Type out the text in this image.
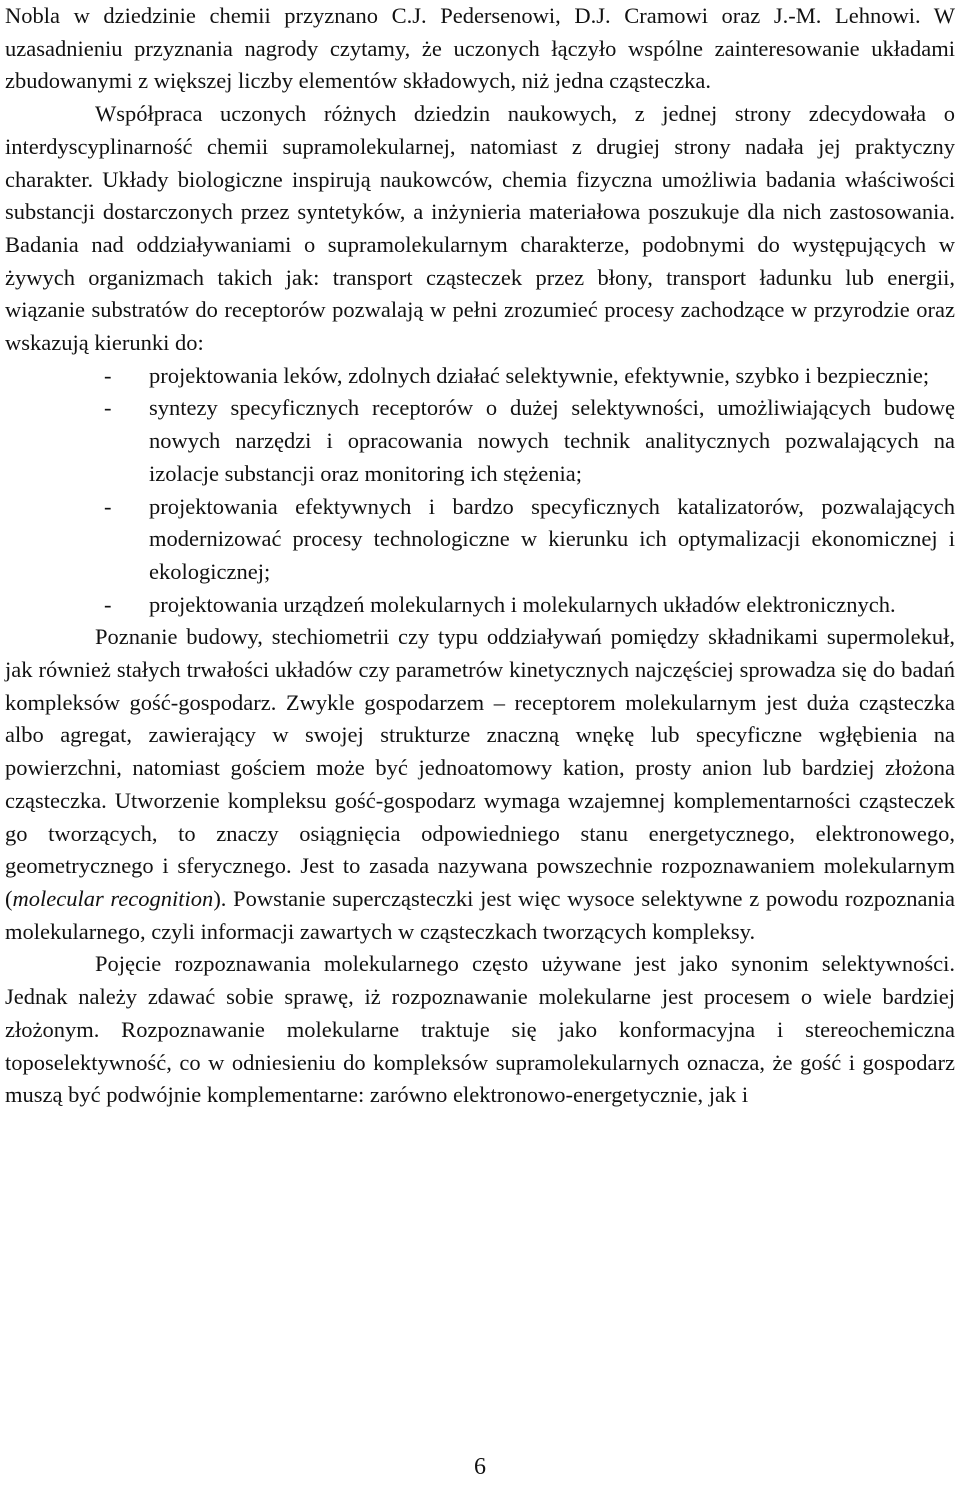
Nobla w dziedzinie chemii przyznano C.J. Pedersenowi, D.J. Cramowi oraz J.-M. Lehnowi. W uzasadnieniu przyznania nagrody czytamy, że uczonych łączyło wspólne zainteresowanie układami zbudowanymi z większej liczby elementów składowych, niż jedna cząsteczka.

Współpraca uczonych różnych dziedzin naukowych, z jednej strony zdecydowała o interdyscyplinarność chemii supramolekularnej, natomiast z drugiej strony nadała jej praktyczny charakter. Układy biologiczne inspirują naukowców, chemia fizyczna umożliwia badania właściwości substancji dostarczonych przez syntetyków, a inżynieria materiałowa poszukuje dla nich zastosowania. Badania nad oddziaływaniami o supramolekularnym charakterze, podobnymi do występujących w żywych organizmach takich jak: transport cząsteczek przez błony, transport ładunku lub energii, wiązanie substratów do receptorów pozwalają w pełni zrozumieć procesy zachodzące w przyrodzie oraz wskazują kierunki do:

- projektowania leków, zdolnych działać selektywnie, efektywnie, szybko i bezpiecznie;
- syntezy specyficznych receptorów o dużej selektywności, umożliwiających budowę nowych narzędzi i opracowania nowych technik analitycznych pozwalających na izolacje substancji oraz monitoring ich stężenia;
- projektowania efektywnych i bardzo specyficznych katalizatorów, pozwalających modernizować procesy technologiczne w kierunku ich optymalizacji ekonomicznej i ekologicznej;
- projektowania urządzeń molekularnych i molekularnych układów elektronicznych.

Poznanie budowy, stechiometrii czy typu oddziaływań pomiędzy składnikami supermolekuł, jak również stałych trwałości układów czy parametrów kinetycznych najczęściej sprowadza się do badań kompleksów gość-gospodarz. Zwykle gospodarzem – receptorem molekularnym jest duża cząsteczka albo agregat, zawierający w swojej strukturze znaczną wnękę lub specyficzne wgłębienia na powierzchni, natomiast gościem może być jednoatomowy kation, prosty anion lub bardziej złożona cząsteczka. Utworzenie kompleksu gość-gospodarz wymaga wzajemnej komplementarności cząsteczek go tworzących, to znaczy osiągnięcia odpowiedniego stanu energetycznego, elektronowego, geometrycznego i sferycznego. Jest to zasada nazywana powszechnie rozpoznawaniem molekularnym (molecular recognition). Powstanie supercząsteczki jest więc wysoce selektywne z powodu rozpoznania molekularnego, czyli informacji zawartych w cząsteczkach tworzących kompleksy.

Pojęcie rozpoznawania molekularnego często używane jest jako synonim selektywności. Jednak należy zdawać sobie sprawę, iż rozpoznawanie molekularne jest procesem o wiele bardziej złożonym. Rozpoznawanie molekularne traktuje się jako konformacyjna i stereochemiczna toposelektywność, co w odniesieniu do kompleksów supramolekularnych oznacza, że gość i gospodarz muszą być podwójnie komplementarne: zarówno elektronowo-energetycznie, jak i

6
